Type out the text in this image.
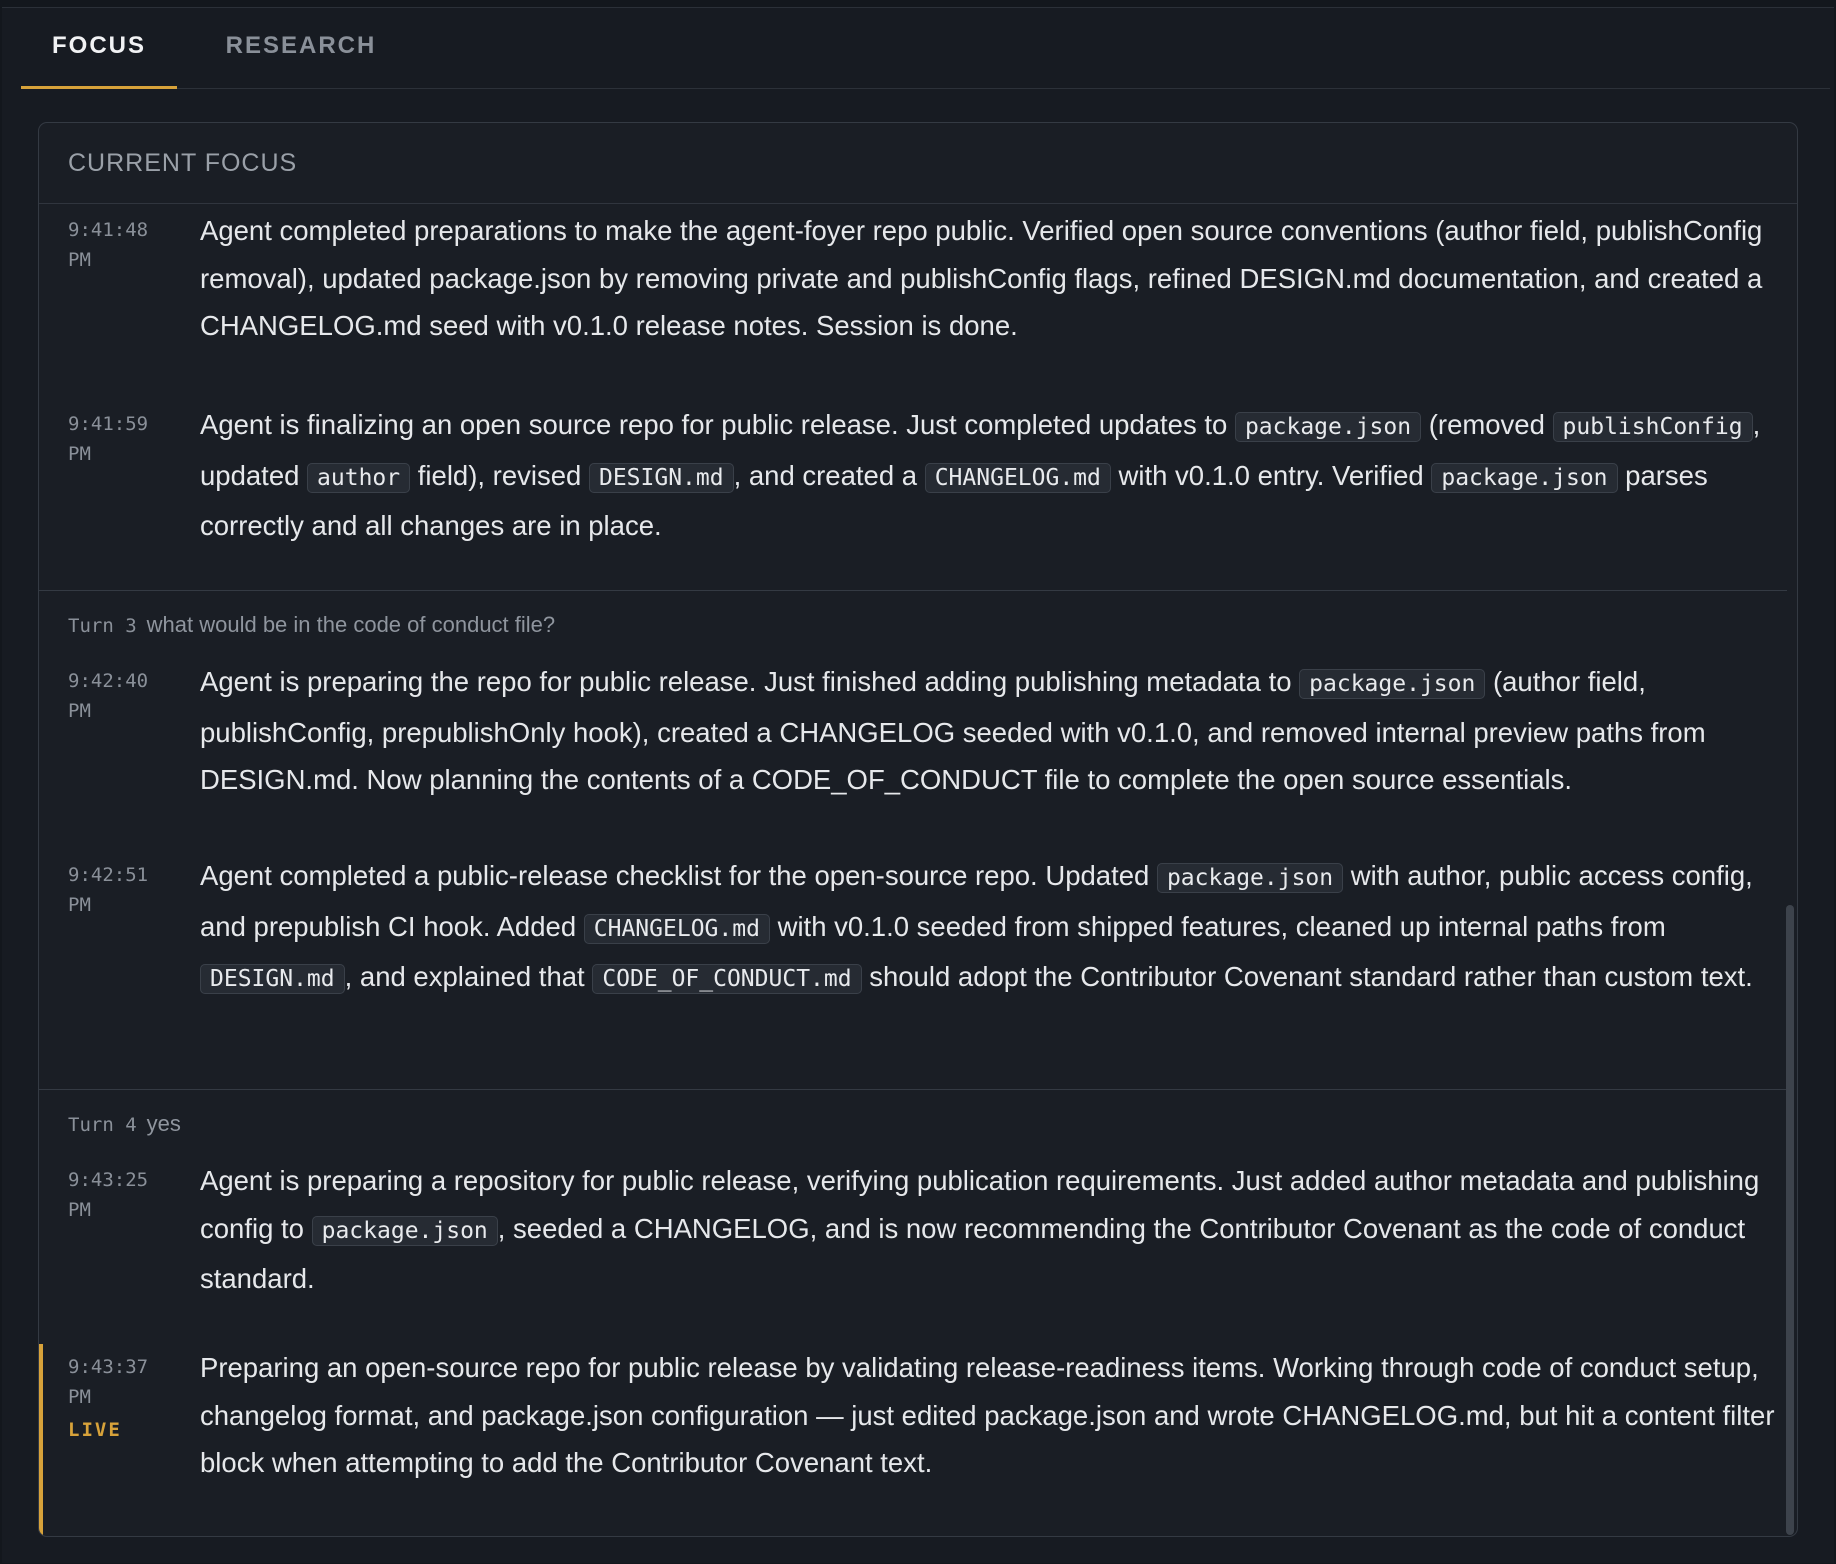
FOCUS	RESEARCH
CURRENT FOCUS
9:41:48
PM
Agent completed preparations to make the agent-foyer repo public. Verified open source conventions (author field, publishConfig removal), updated package.json by removing private and publishConfig flags, refined DESIGN.md documentation, and created a CHANGELOG.md seed with v0.1.0 release notes. Session is done.
9:41:59
PM
Agent is finalizing an open source repo for public release. Just completed updates to package.json (removed publishConfig , updated author field), revised DESIGN.md , and created a CHANGELOG.md with v0.1.0 entry. Verified package.json parses correctly and all changes are in place.
Turn 3 what would be in the code of conduct file?
9:42:40
PM
Agent is preparing the repo for public release. Just finished adding publishing metadata to package.json (author field, publishConfig, prepublishOnly hook), created a CHANGELOG seeded with v0.1.0, and removed internal preview paths from DESIGN.md. Now planning the contents of a CODE_OF_CONDUCT file to complete the open source essentials.
9:42:51
PM
Agent completed a public-release checklist for the open-source repo. Updated package.json with author, public access config, and prepublish CI hook. Added CHANGELOG.md with v0.1.0 seeded from shipped features, cleaned up internal paths from DESIGN.md , and explained that CODE_OF_CONDUCT.md should adopt the Contributor Covenant standard rather than custom text.
Turn 4 yes
9:43:25
PM
Agent is preparing a repository for public release, verifying publication requirements. Just added author metadata and publishing config to package.json , seeded a CHANGELOG, and is now recommending the Contributor Covenant as the code of conduct standard.
9:43:37
PM
LIVE
Preparing an open-source repo for public release by validating release-readiness items. Working through code of conduct setup, changelog format, and package.json configuration — just edited package.json and wrote CHANGELOG.md, but hit a content filter block when attempting to add the Contributor Covenant text.
